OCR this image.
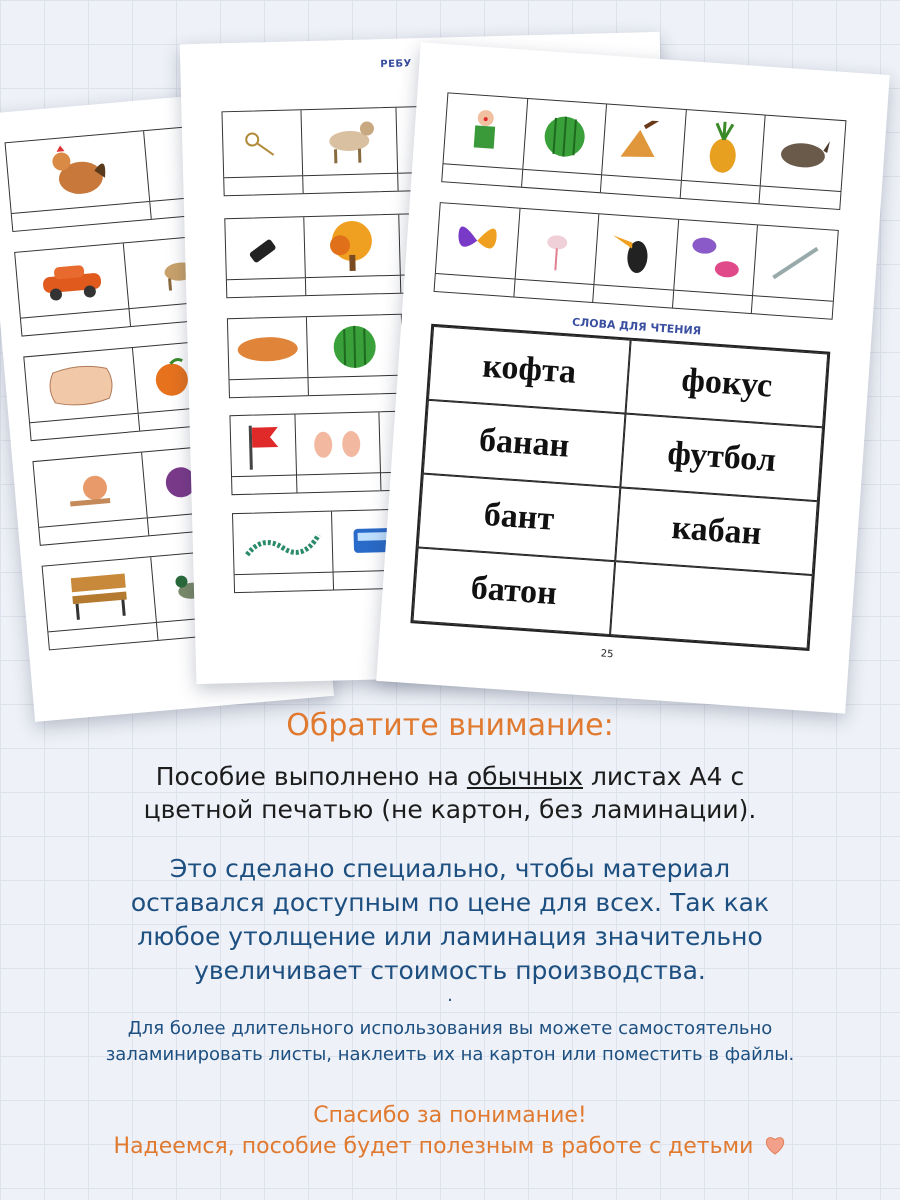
РЕБУ
СЛОВА ДЛЯ ЧТЕНИЯ
кофта	фокус
банан	футбол
бант	кабан
батон
25
Обратите внимание:
Пособие выполнено на обычных листах А4 с
цветной печатью (не картон, без ламинации).
Это сделано специально, чтобы материал
оставался доступным по цене для всех. Так как
любое утолщение или ламинация значительно
увеличивает стоимость производства.
.
Для более длительного использования вы можете самостоятельно
заламинировать листы, наклеить их на картон или поместить в файлы.
Спасибо за понимание!
Надеемся, пособие будет полезным в работе с детьми
